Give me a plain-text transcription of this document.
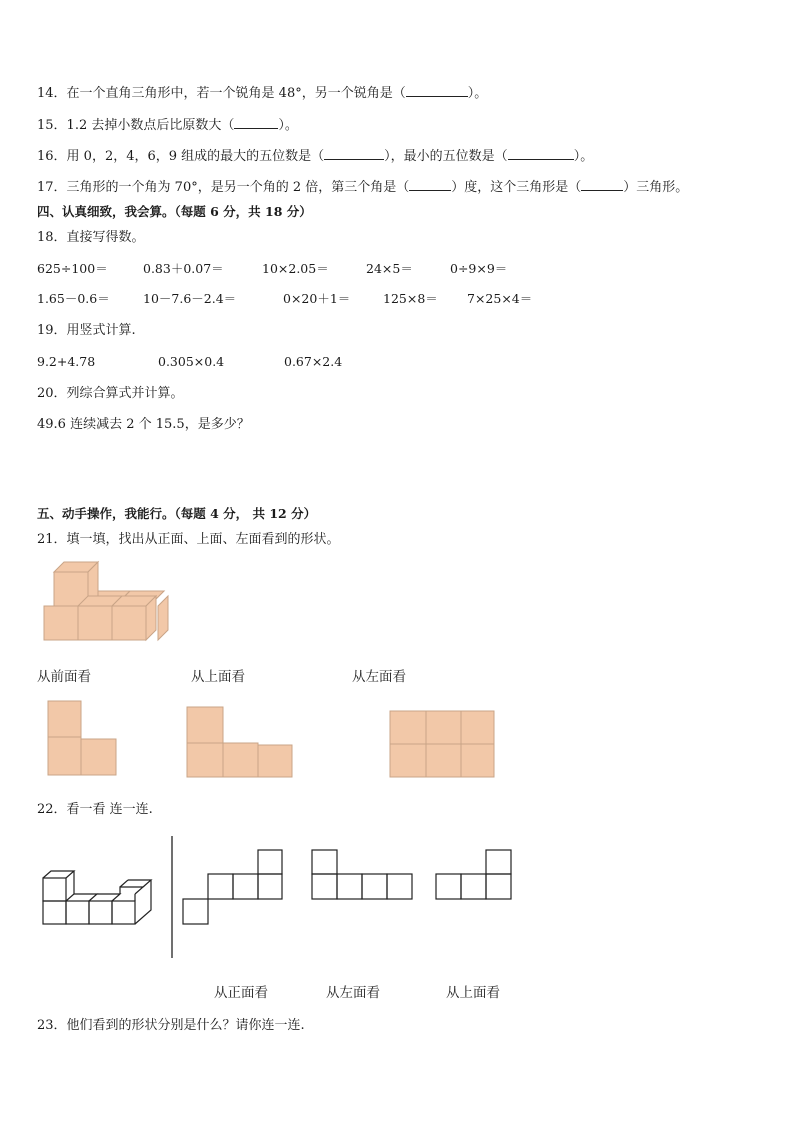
14．在一个直角三角形中，若一个锐角是 48°，另一个锐角是（	）。
15．1.2 去掉小数点后比原数大（	）。
16．用 0，2，4，6，9 组成的最大的五位数是（	），最小的五位数是（	）。
17．三角形的一个角为 70°，是另一个角的 2 倍，第三个角是（	）度，这个三角形是（	）三角形。
四、认真细致，我会算。（每题 6 分，共 18 分）
18．直接写得数。
625÷100＝	0.83＋0.07＝	10×2.05＝	24×5＝	0÷9×9＝
1.65－0.6＝	10－7.6－2.4＝	0×20＋1＝	125×8＝ 7×25×4＝
19．用竖式计算.
9.2+4.78	0.305×0.4	0.67×2.4
20．列综合算式并计算。
49.6 连续减去 2 个 15.5，是多少？
五、动手操作，我能行。（每题 4 分， 共 12 分）
21．填一填，找出从正面、上面、左面看到的形状。
从前面看	从上面看	从左面看
22．看一看 连一连.
从正面看	从左面看	从上面看
23．他们看到的形状分别是什么？请你连一连.
